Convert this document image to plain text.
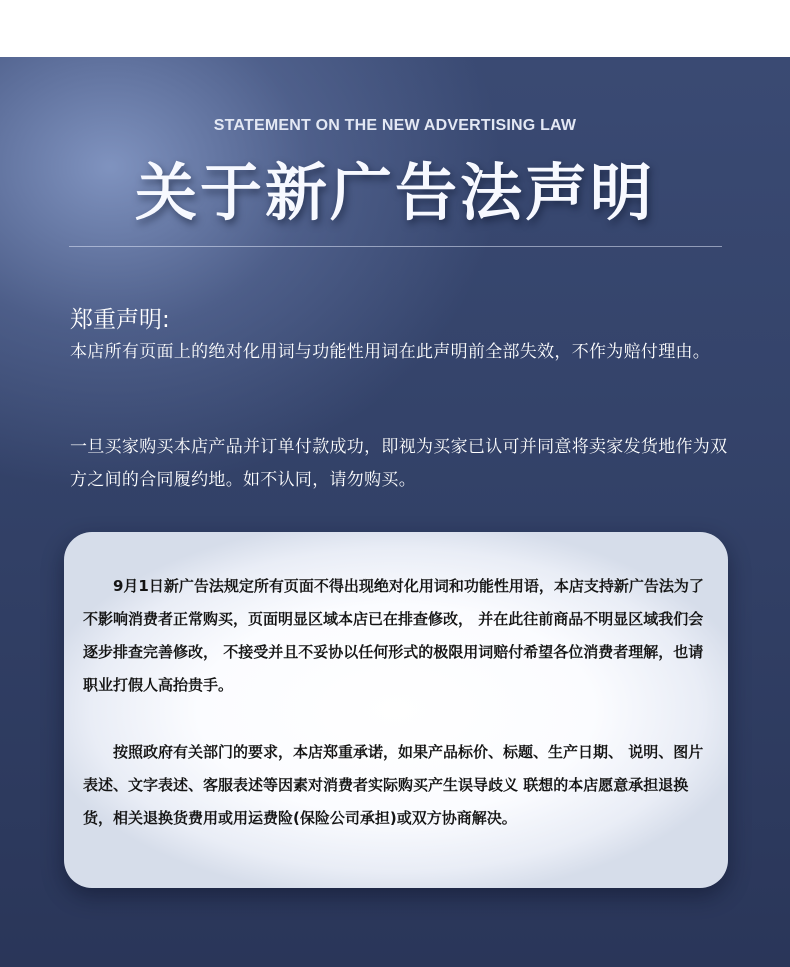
STATEMENT ON THE NEW ADVERTISING LAW
关于新广告法声明
郑重声明:
本店所有页面上的绝对化用词与功能性用词在此声明前全部失效，不作为赔付理由。
一旦买家购买本店产品并订单付款成功，即视为买家已认可并同意将卖家发货地作为双方之间的合同履约地。如不认同，请勿购买。
　　9月1日新广告法规定所有页面不得出现绝对化用词和功能性用语，本店支持新广告法为了不影响消费者正常购买，页面明显区域本店已在排查修改， 并在此往前商品不明显区域我们会逐步排查完善修改， 不接受并且不妥协以任何形式的极限用词赔付希望各位消费者理解，也请职业打假人高抬贵手。
　　按照政府有关部门的要求，本店郑重承诺，如果产品标价、标题、生产日期、 说明、图片表述、文字表述、客服表述等因素对消费者实际购买产生误导歧义 联想的本店愿意承担退换货，相关退换货费用或用运费险(保险公司承担)或双方协商解决。
